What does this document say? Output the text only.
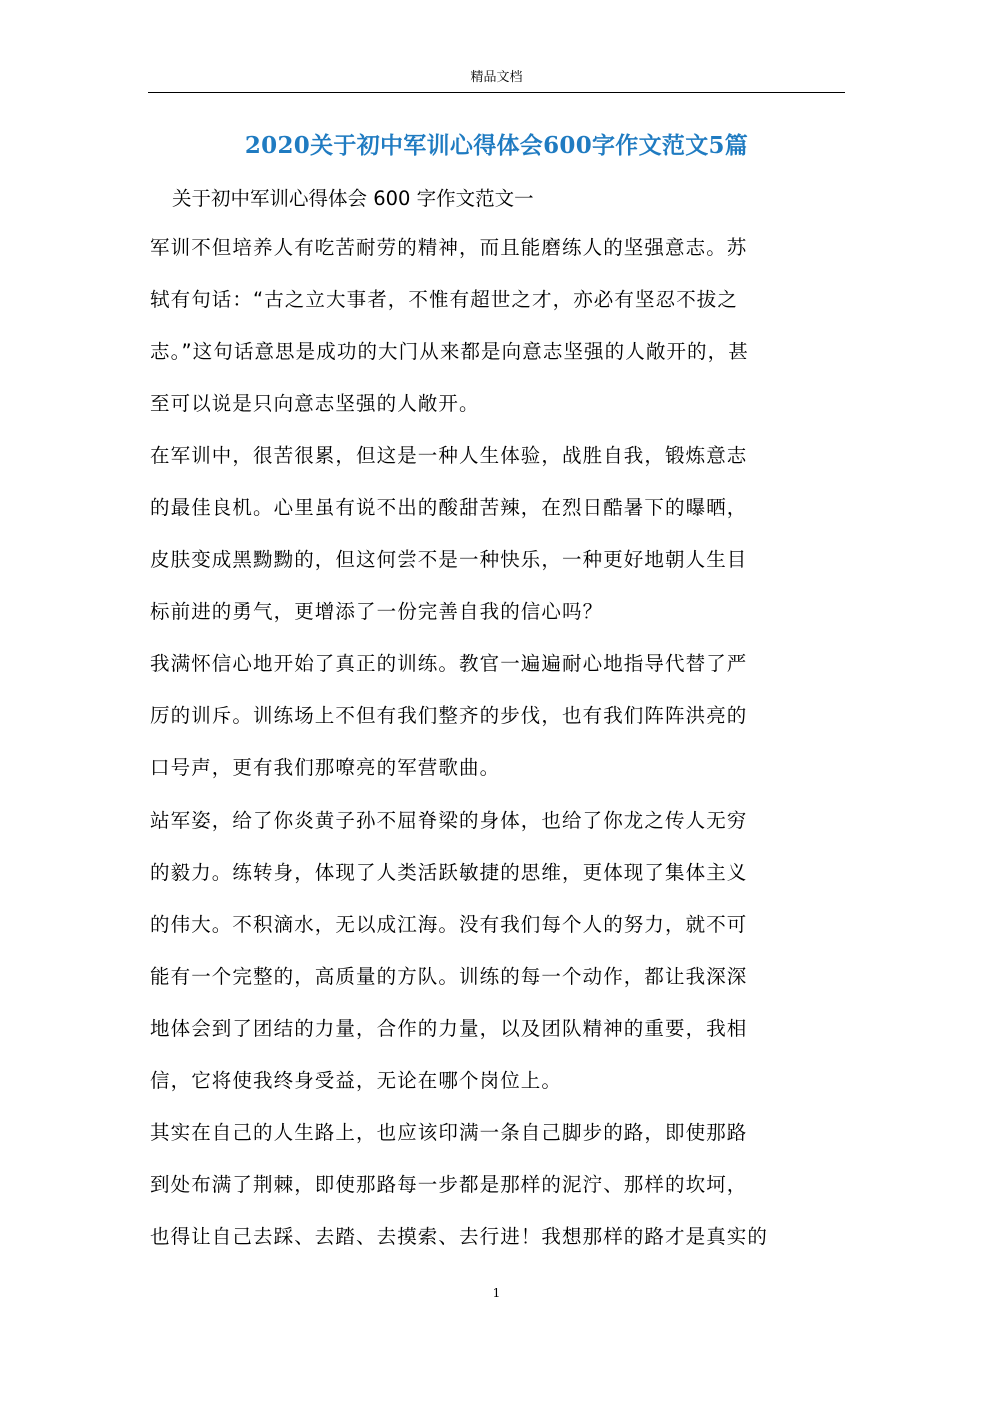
精品文档
2020关于初中军训心得体会600字作文范文5篇
关于初中军训心得体会 600 字作文范文一
军训不但培养人有吃苦耐劳的精神，而且能磨练人的坚强意志。苏
轼有句话：“古之立大事者，不惟有超世之才，亦必有坚忍不拔之
志。”这句话意思是成功的大门从来都是向意志坚强的人敞开的，甚
至可以说是只向意志坚强的人敞开。
在军训中，很苦很累，但这是一种人生体验，战胜自我，锻炼意志
的最佳良机。心里虽有说不出的酸甜苦辣，在烈日酷暑下的曝晒，
皮肤变成黑黝黝的，但这何尝不是一种快乐，一种更好地朝人生目
标前进的勇气，更增添了一份完善自我的信心吗？
我满怀信心地开始了真正的训练。教官一遍遍耐心地指导代替了严
厉的训斥。训练场上不但有我们整齐的步伐，也有我们阵阵洪亮的
口号声，更有我们那嘹亮的军营歌曲。
站军姿，给了你炎黄子孙不屈脊梁的身体，也给了你龙之传人无穷
的毅力。练转身，体现了人类活跃敏捷的思维，更体现了集体主义
的伟大。不积滴水，无以成江海。没有我们每个人的努力，就不可
能有一个完整的，高质量的方队。训练的每一个动作，都让我深深
地体会到了团结的力量，合作的力量，以及团队精神的重要，我相
信，它将使我终身受益，无论在哪个岗位上。
其实在自己的人生路上，也应该印满一条自己脚步的路，即使那路
到处布满了荆棘，即使那路每一步都是那样的泥泞、那样的坎坷，
也得让自己去踩、去踏、去摸索、去行进！我想那样的路才是真实的
1
